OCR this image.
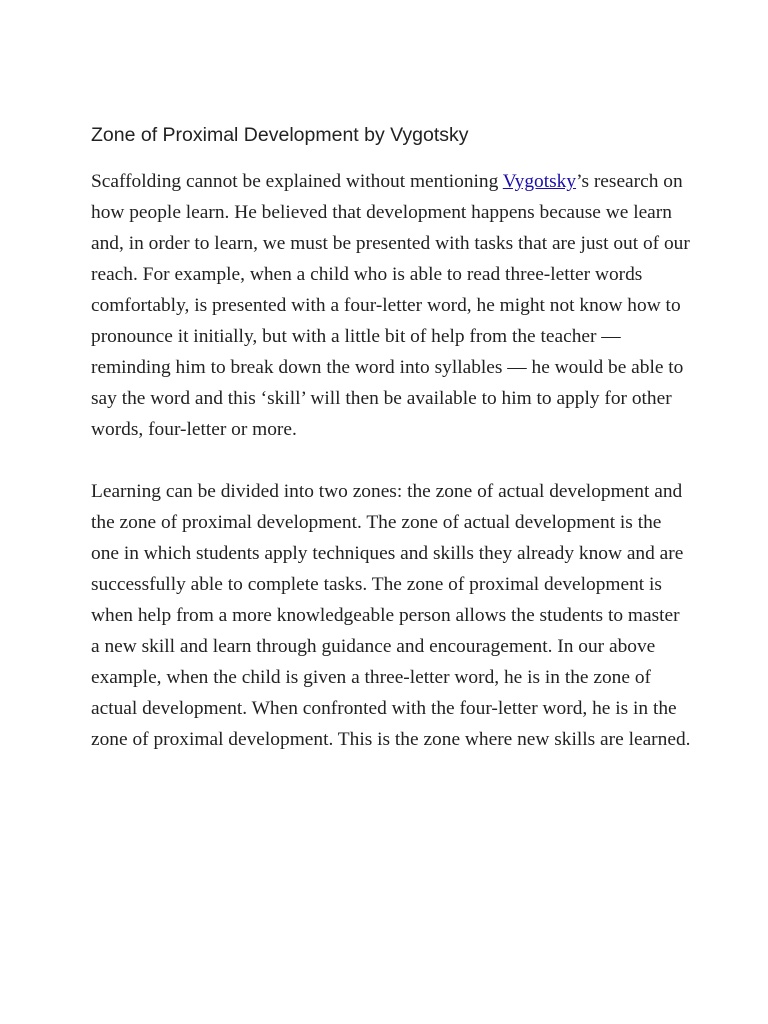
Zone of Proximal Development by Vygotsky

Scaffolding cannot be explained without mentioning Vygotsky’s research on how people learn. He believed that development happens because we learn and, in order to learn, we must be presented with tasks that are just out of our reach. For example, when a child who is able to read three-letter words comfortably, is presented with a four-letter word, he might not know how to pronounce it initially, but with a little bit of help from the teacher — reminding him to break down the word into syllables — he would be able to say the word and this ‘skill’ will then be available to him to apply for other words, four-letter or more.

Learning can be divided into two zones: the zone of actual development and the zone of proximal development. The zone of actual development is the one in which students apply techniques and skills they already know and are successfully able to complete tasks. The zone of proximal development is when help from a more knowledgeable person allows the students to master a new skill and learn through guidance and encouragement. In our above example, when the child is given a three-letter word, he is in the zone of actual development. When confronted with the four-letter word, he is in the zone of proximal development. This is the zone where new skills are learned.
